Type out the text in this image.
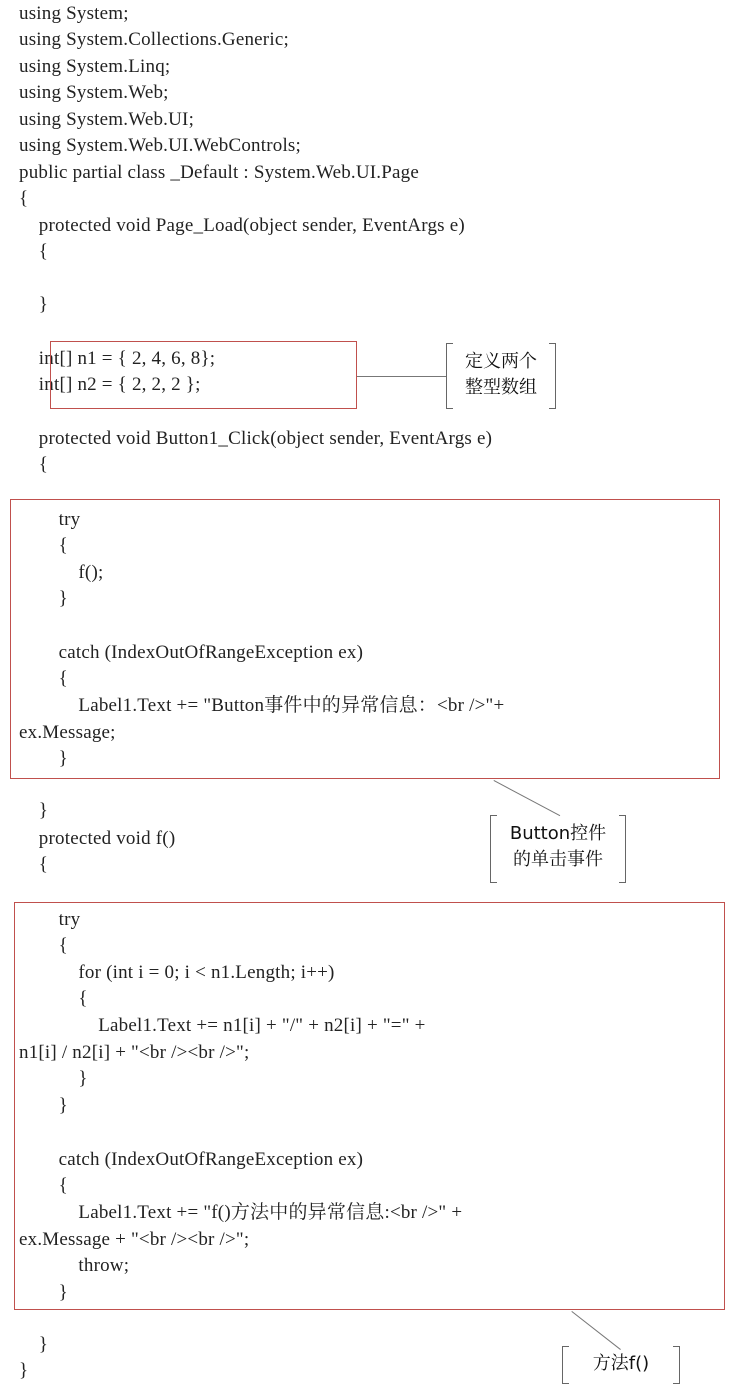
using System;
using System.Collections.Generic;
using System.Linq;
using System.Web;
using System.Web.UI;
using System.Web.UI.WebControls;
public partial class _Default : System.Web.UI.Page
{
protected void Page_Load(object sender, EventArgs e)
{
}
int[] n1 = { 2, 4, 6, 8};
int[] n2 = { 2, 2, 2 };
protected void Button1_Click(object sender, EventArgs e)
{
try
{
f();
}
catch (IndexOutOfRangeException ex)
{
Label1.Text += "Button事件中的异常信息：<br />"+
ex.Message;
}
}
protected void f()
{
try
{
for (int i = 0; i < n1.Length; i++)
{
Label1.Text += n1[i] + "/" + n2[i] + "=" +
n1[i] / n2[i] + "<br /><br />";
}
}
catch (IndexOutOfRangeException ex)
{
Label1.Text += "f()方法中的异常信息:<br />" +
ex.Message + "<br /><br />";
throw;
}
}
}
定义两个
整型数组
Button控件
的单击事件
方法f()
